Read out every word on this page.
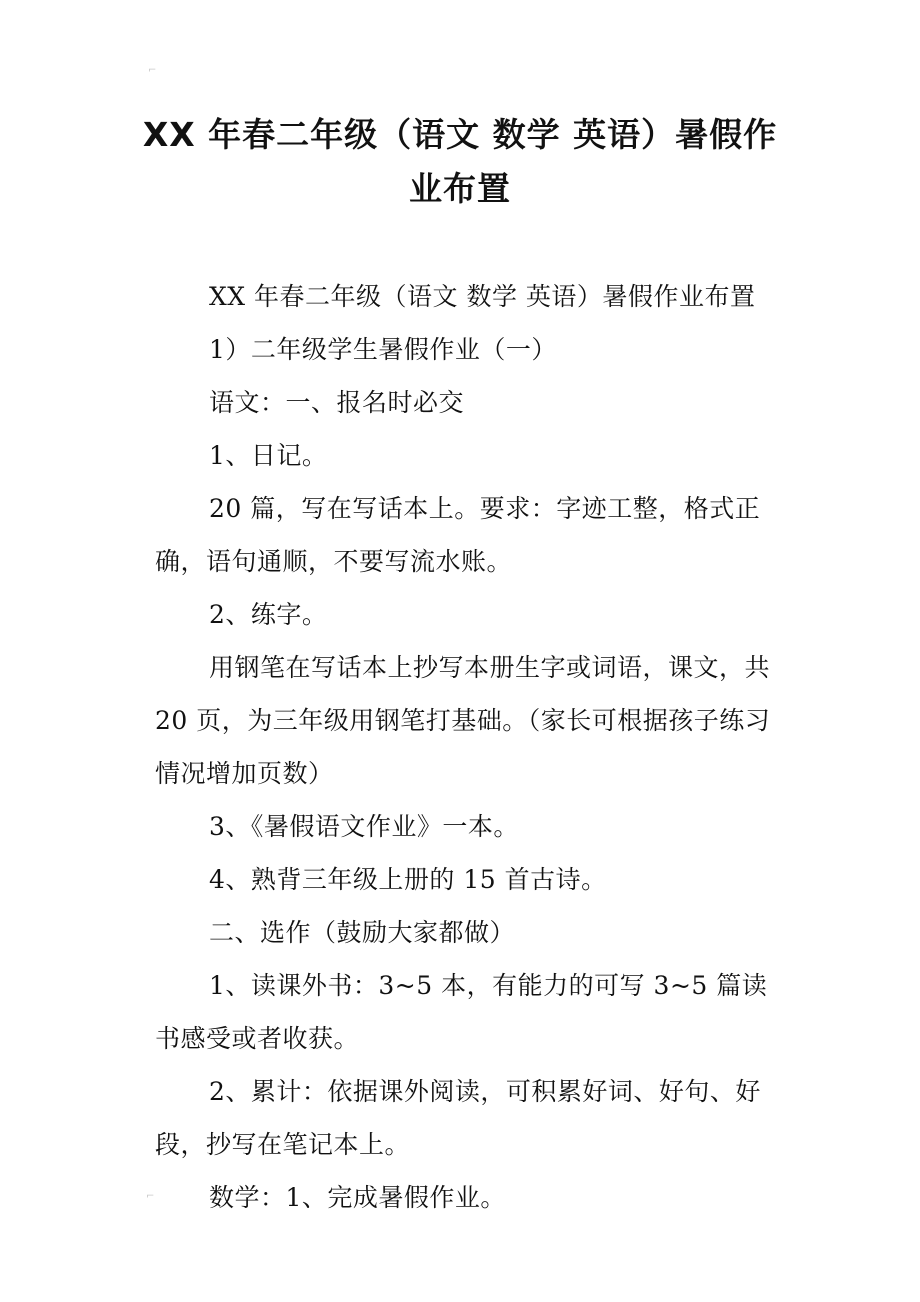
⌐
⌐
XX 年春二年级（语文 数学 英语）暑假作业布置

XX 年春二年级（语文 数学 英语）暑假作业布置

1）二年级学生暑假作业（一）

语文：一、报名时必交

1、日记。

20 篇，写在写话本上。要求：字迹工整，格式正确，语句通顺，不要写流水账。

2、练字。

用钢笔在写话本上抄写本册生字或词语，课文，共 20 页，为三年级用钢笔打基础。（家长可根据孩子练习情况增加页数）

3、《暑假语文作业》一本。

4、熟背三年级上册的 15 首古诗。

二、选作（鼓励大家都做）

1、读课外书：3~5 本，有能力的可写 3~5 篇读书感受或者收获。

2、累计：依据课外阅读，可积累好词、好句、好段，抄写在笔记本上。

数学：1、完成暑假作业。
